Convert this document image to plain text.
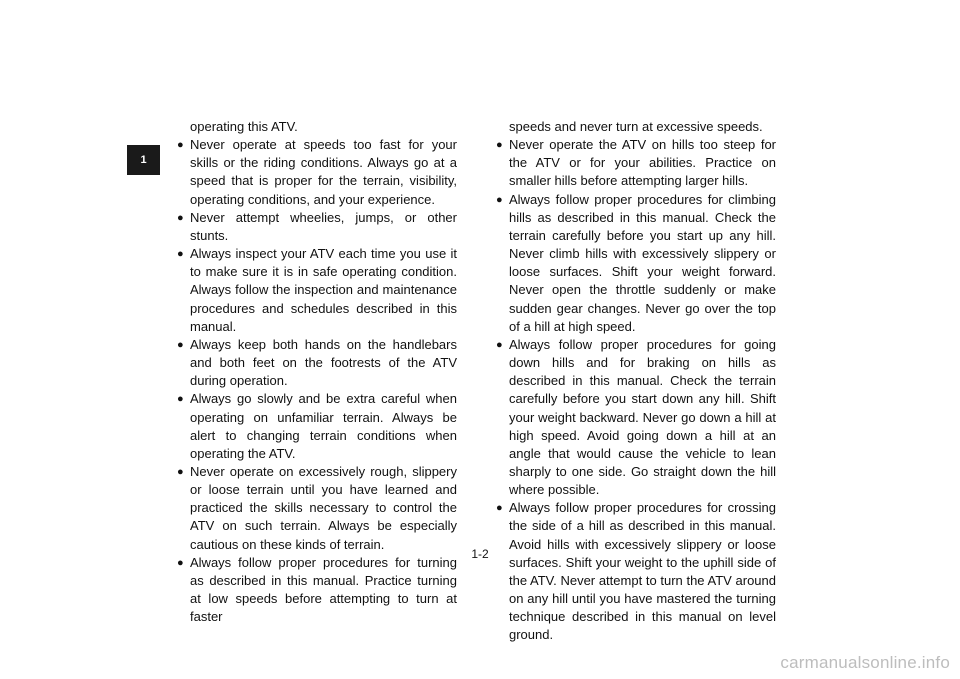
1
operating this ATV.
● Never operate at speeds too fast for your skills or the riding conditions. Always go at a speed that is proper for the terrain, visibility, operating conditions, and your experience.
● Never attempt wheelies, jumps, or other stunts.
● Always inspect your ATV each time you use it to make sure it is in safe operating condition. Always follow the inspection and maintenance procedures and schedules described in this manual.
● Always keep both hands on the handlebars and both feet on the footrests of the ATV during operation.
● Always go slowly and be extra careful when operating on unfamiliar terrain. Always be alert to changing terrain conditions when operating the ATV.
● Never operate on excessively rough, slippery or loose terrain until you have learned and practiced the skills necessary to control the ATV on such terrain. Always be especially cautious on these kinds of terrain.
● Always follow proper procedures for turning as described in this manual. Practice turning at low speeds before attempting to turn at faster
speeds and never turn at excessive speeds.
● Never operate the ATV on hills too steep for the ATV or for your abilities. Practice on smaller hills before attempting larger hills.
● Always follow proper procedures for climbing hills as described in this manual. Check the terrain carefully before you start up any hill. Never climb hills with excessively slippery or loose surfaces. Shift your weight forward. Never open the throttle suddenly or make sudden gear changes. Never go over the top of a hill at high speed.
● Always follow proper procedures for going down hills and for braking on hills as described in this manual. Check the terrain carefully before you start down any hill. Shift your weight backward. Never go down a hill at high speed. Avoid going down a hill at an angle that would cause the vehicle to lean sharply to one side. Go straight down the hill where possible.
● Always follow proper procedures for crossing the side of a hill as described in this manual. Avoid hills with excessively slippery or loose surfaces. Shift your weight to the uphill side of the ATV. Never attempt to turn the ATV around on any hill until you have mastered the turning technique described in this manual on level ground.
1-2
carmanualsonline.info
